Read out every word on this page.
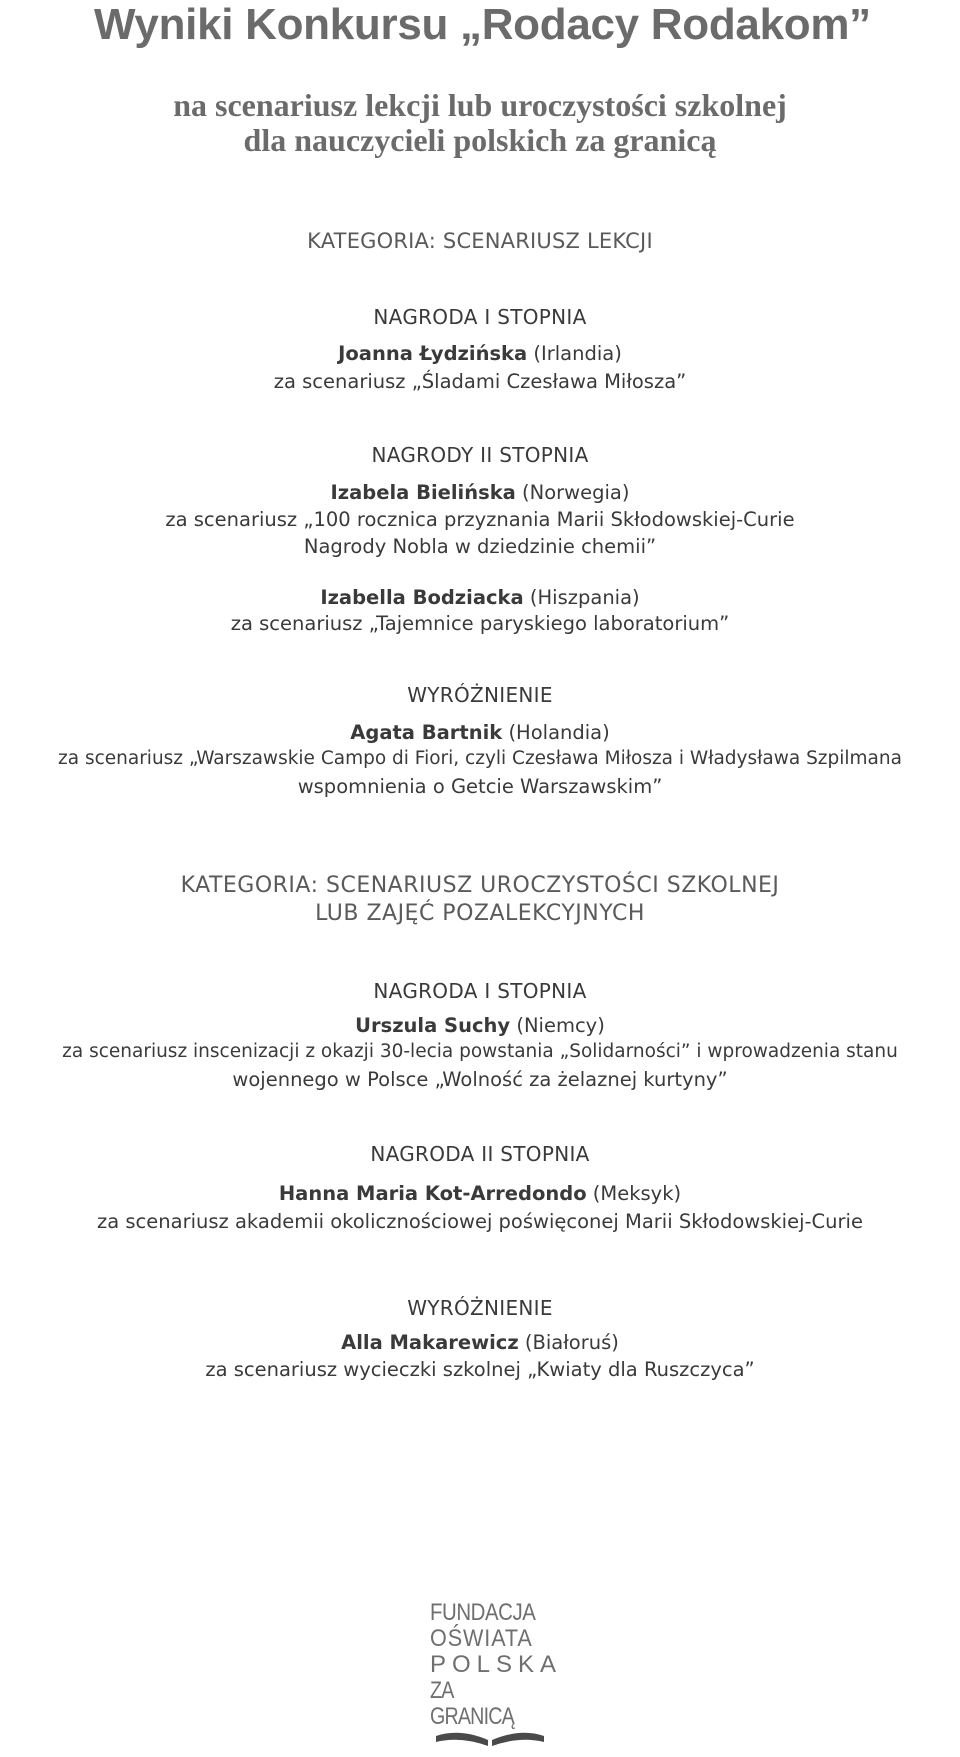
Wyniki Konkursu „Rodacy Rodakom”
na scenariusz lekcji lub uroczystości szkolnej
dla nauczycieli polskich za granicą
KATEGORIA: SCENARIUSZ LEKCJI
NAGRODA I STOPNIA
Joanna Łydzińska (Irlandia)
za scenariusz „Śladami Czesława Miłosza”
NAGRODY II STOPNIA
Izabela Bielińska (Norwegia)
za scenariusz „100 rocznica przyznania Marii Skłodowskiej-Curie
Nagrody Nobla w dziedzinie chemii”
Izabella Bodziacka (Hiszpania)
za scenariusz „Tajemnice paryskiego laboratorium”
WYRÓŻNIENIE
Agata Bartnik (Holandia)
za scenariusz „Warszawskie Campo di Fiori, czyli Czesława Miłosza i Władysława Szpilmana
wspomnienia o Getcie Warszawskim”
KATEGORIA: SCENARIUSZ UROCZYSTOŚCI SZKOLNEJ
LUB ZAJĘĆ POZALEKCYJNYCH
NAGRODA I STOPNIA
Urszula Suchy (Niemcy)
za scenariusz inscenizacji z okazji 30-lecia powstania „Solidarności” i wprowadzenia stanu
wojennego w Polsce „Wolność za żelaznej kurtyny”
NAGRODA II STOPNIA
Hanna Maria Kot-Arredondo (Meksyk)
za scenariusz akademii okolicznościowej poświęconej Marii Skłodowskiej-Curie
WYRÓŻNIENIE
Alla Makarewicz (Białoruś)
za scenariusz wycieczki szkolnej „Kwiaty dla Ruszczyca”
FUNDACJA
OŚWIATA
POLSKA
ZA GRANICĄ
